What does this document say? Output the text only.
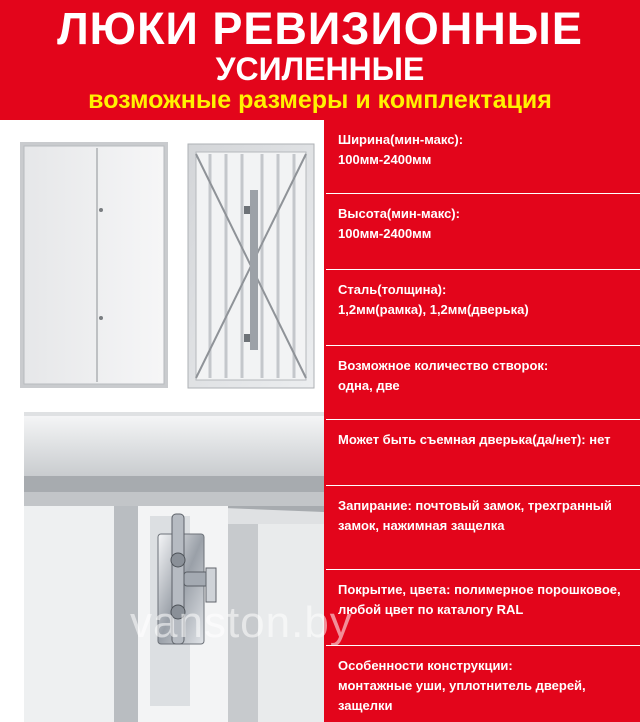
ЛЮКИ РЕВИЗИОННЫЕ
УСИЛЕННЫЕ
возможные размеры и комплектация
Ширина(мин-макс):
100мм-2400мм
Высота(мин-макс):
100мм-2400мм
Сталь(толщина):
1,2мм(рамка), 1,2мм(дверька)
Возможное количество створок:
одна, две
Может быть съемная дверька(да/нет): нет
Запирание: почтовый замок, трехгранный замок, нажимная защелка
Покрытие, цвета: полимерное порошковое, любой цвет по каталогу RAL
Особенности конструкции:
монтажные уши, уплотнитель дверей, защелки
vanston.by
